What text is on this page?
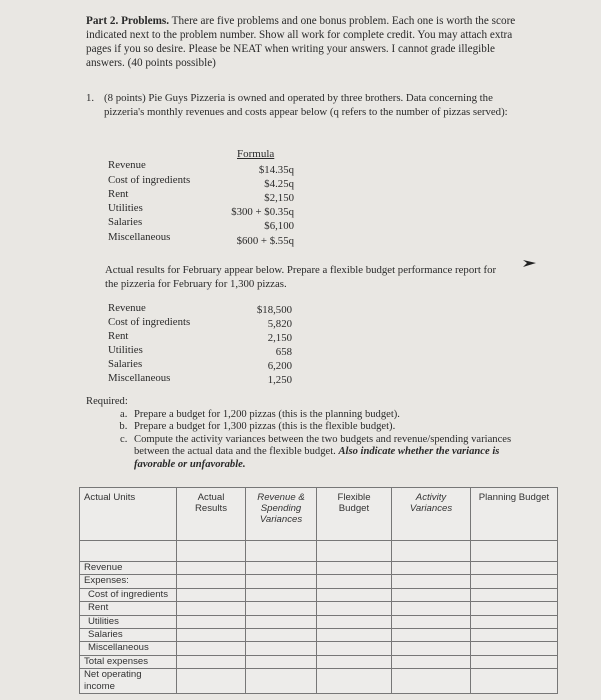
Part 2. Problems. There are five problems and one bonus problem. Each one is worth the score indicated next to the problem number. Show all work for complete credit. You may attach extra pages if you so desire. Please be NEAT when writing your answers. I cannot grade illegible answers. (40 points possible)
1. (8 points) Pie Guys Pizzeria is owned and operated by three brothers. Data concerning the pizzeria's monthly revenues and costs appear below (q refers to the number of pizzas served):
Formula
Revenue	$14.35q
Cost of ingredients	$4.25q
Rent	$2,150
Utilities	$300 + $0.35q
Salaries	$6,100
Miscellaneous	$600 + $.55q
Actual results for February appear below. Prepare a flexible budget performance report for the pizzeria for February for 1,300 pizzas.
Revenue	$18,500
Cost of ingredients	5,820
Rent	2,150
Utilities	658
Salaries	6,200
Miscellaneous	1,250
Required:
a. Prepare a budget for 1,200 pizzas (this is the planning budget).
b. Prepare a budget for 1,300 pizzas (this is the flexible budget).
c. Compute the activity variances between the two budgets and revenue/spending variances between the actual data and the flexible budget. Also indicate whether the variance is favorable or unfavorable.
Actual Units	Actual Results	Revenue & Spending Variances	Flexible Budget	Activity Variances	Planning Budget

Revenue					
Expenses:					
Cost of ingredients					
Rent					
Utilities					
Salaries					
Miscellaneous					
Total expenses					
Net operating income					
